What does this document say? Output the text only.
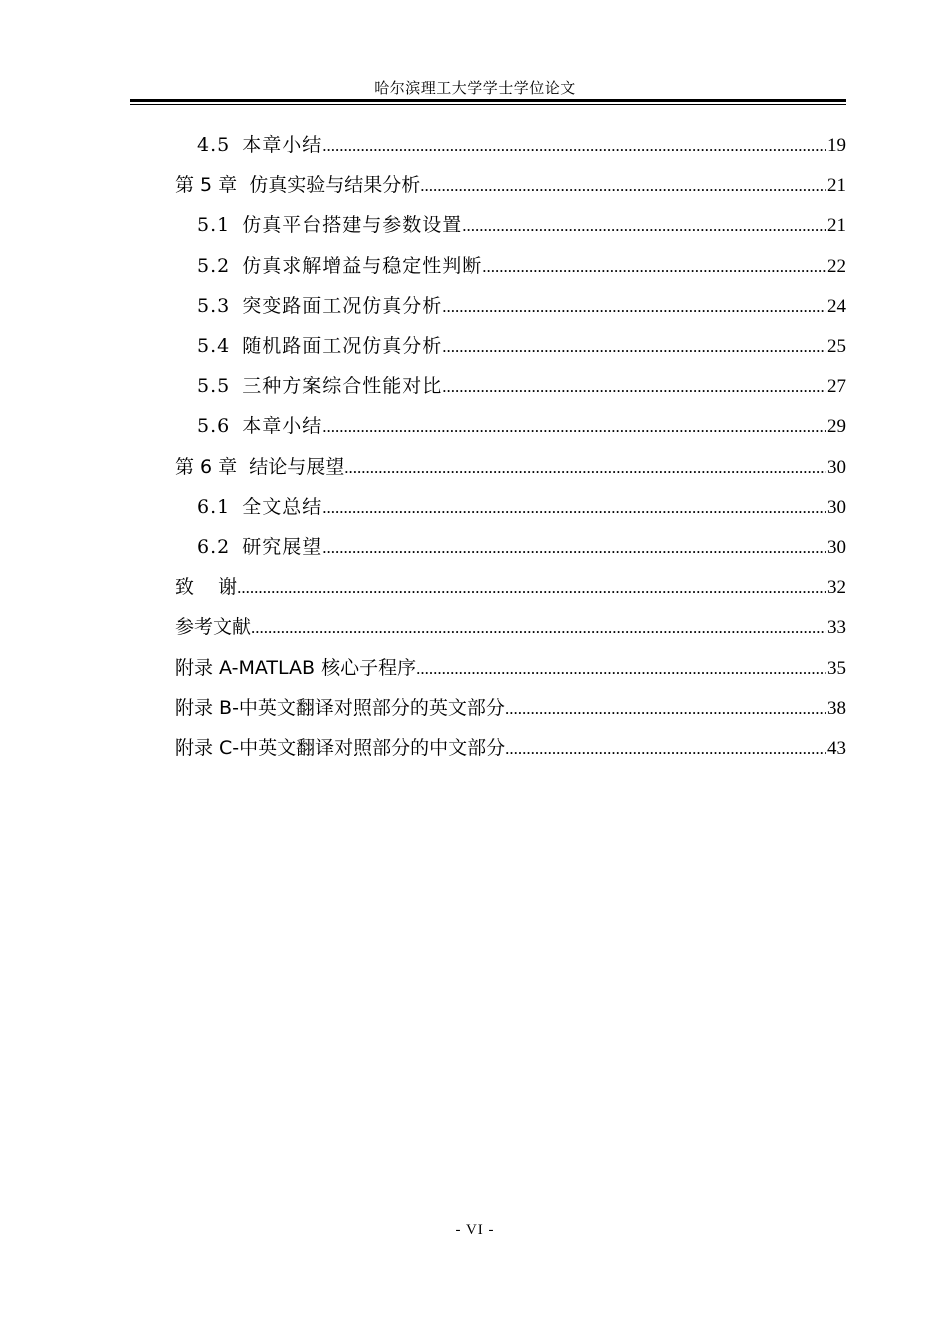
哈尔滨理工大学学士学位论文
4.5 本章小结 .....	19
第 5 章  仿真实验与结果分析 .....	21
5.1 仿真平台搭建与参数设置 .....	21
5.2 仿真求解增益与稳定性判断 .....	22
5.3 突变路面工况仿真分析 .....	24
5.4 随机路面工况仿真分析 .....	25
5.5 三种方案综合性能对比 .....	27
5.6 本章小结 .....	29
第 6 章  结论与展望 .....	30
6.1 全文总结 .....	30
6.2 研究展望 .....	30
致    谢 .....	32
参考文献 .....	33
附录 A-MATLAB 核心子程序 .....	35
附录 B-中英文翻译对照部分的英文部分 .....	38
附录 C-中英文翻译对照部分的中文部分 .....	43
- VI -
